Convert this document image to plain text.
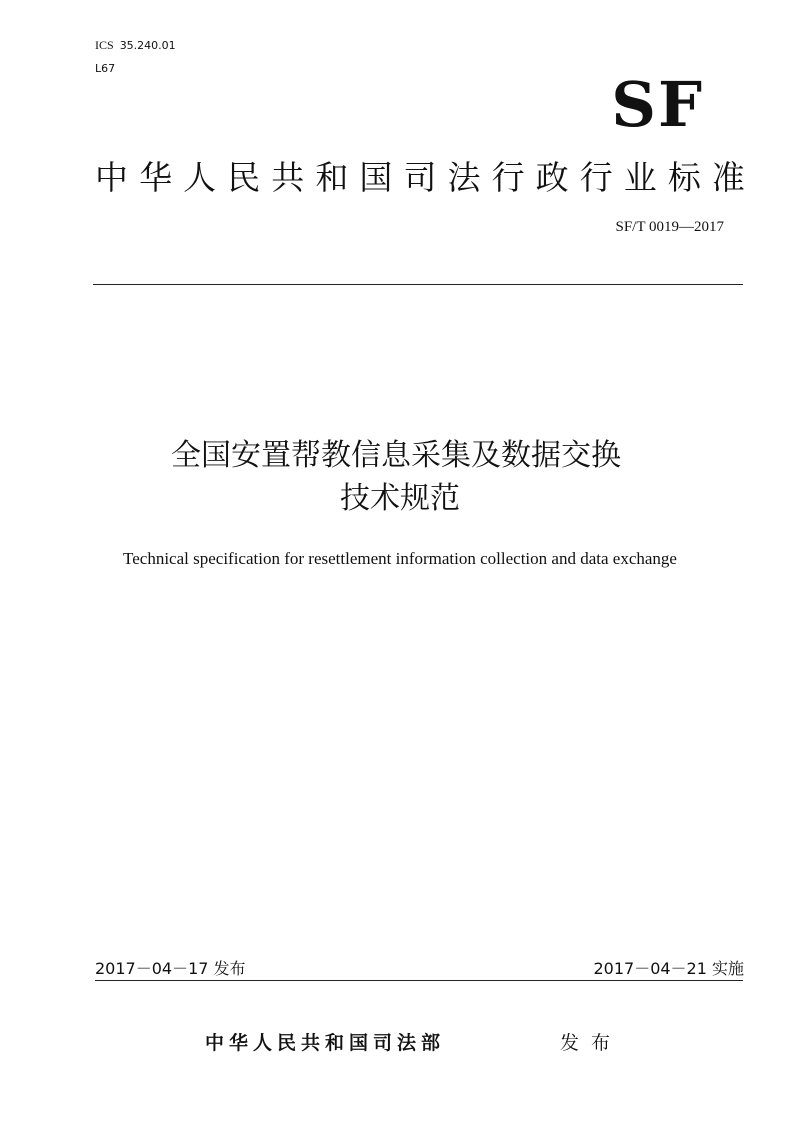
ICS 35.240.01
L67	SF
中 华 人 民 共 和 国 司 法 行 政 行 业 标 准
SF/T 0019—2017
全国安置帮教信息采集及数据交换
技术规范
Technical specification for resettlement information collection and data exchange
2017－04－17 发布	2017－04－21 实施
中华人民共和国司法部	发 布
